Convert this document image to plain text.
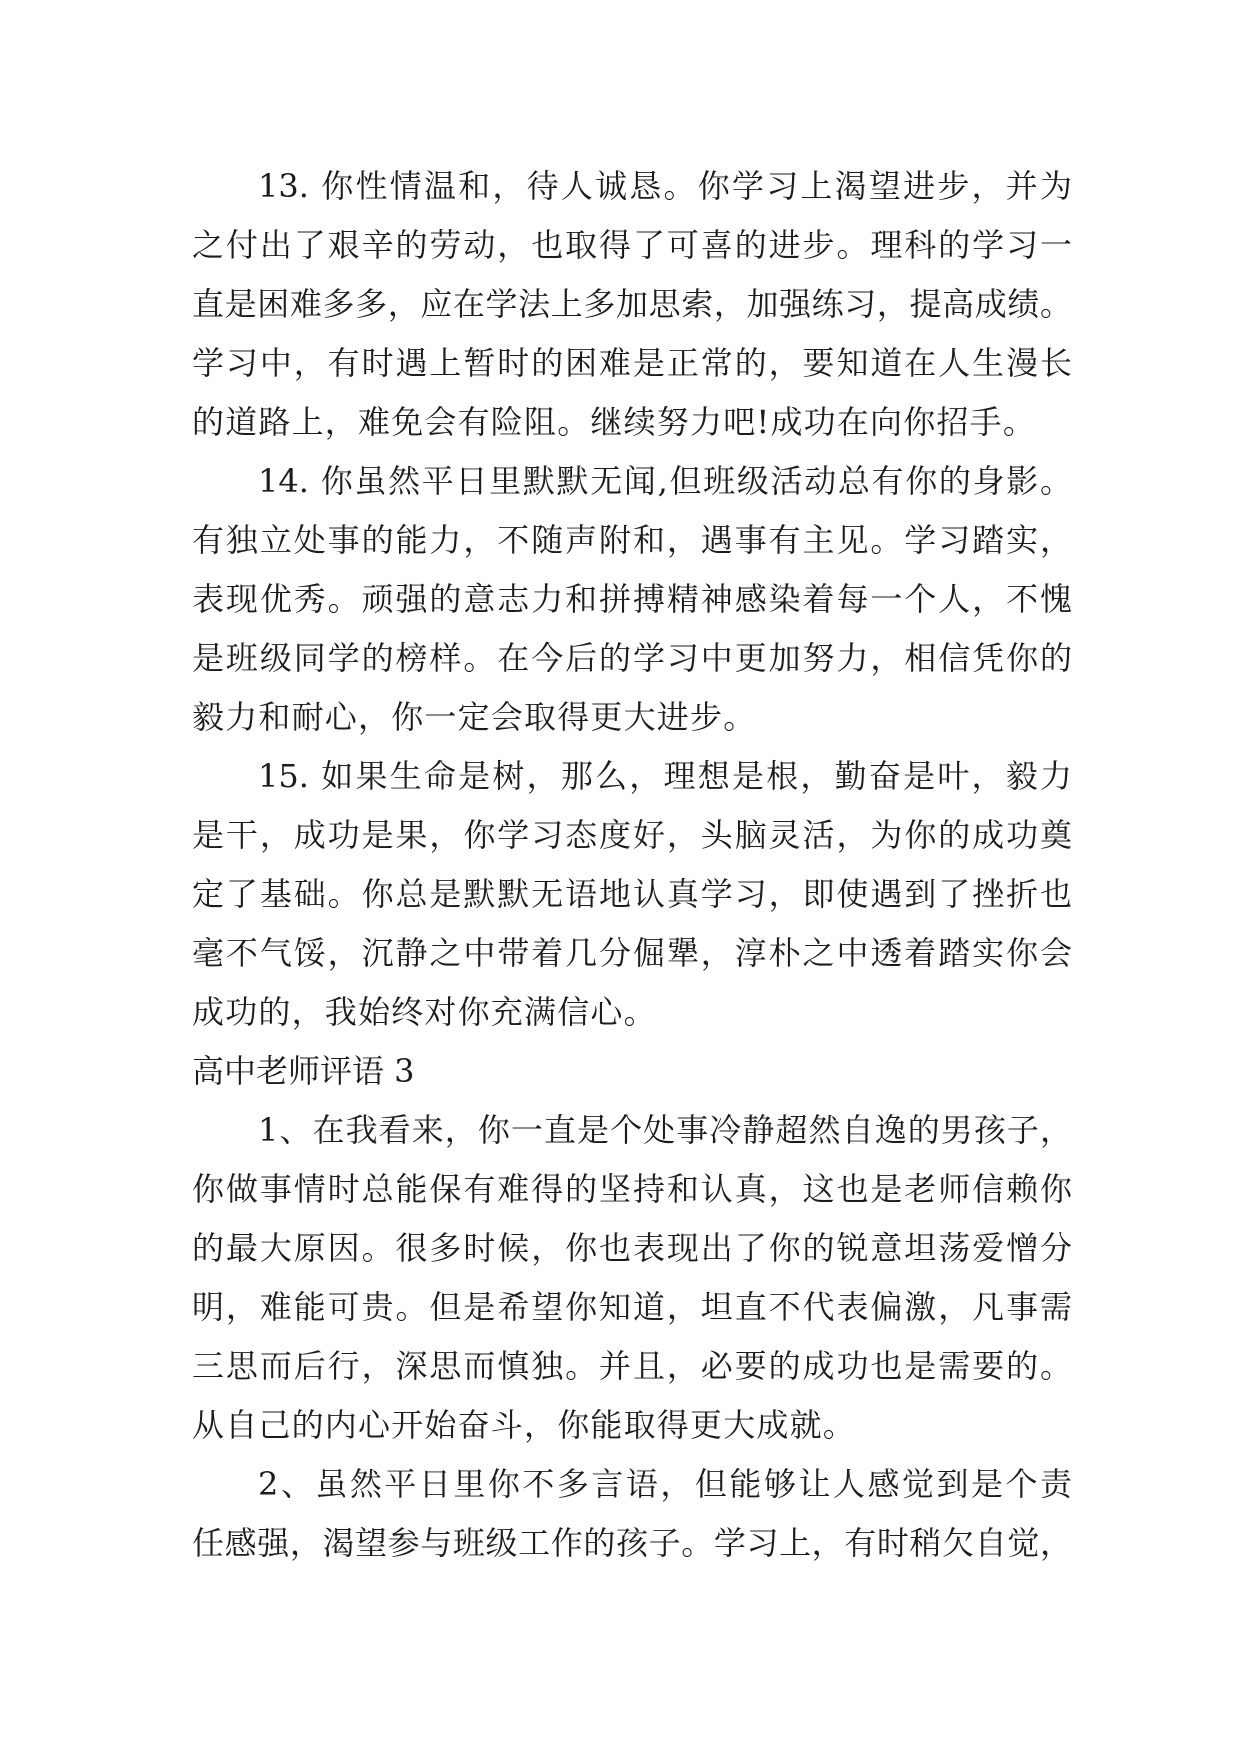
13. 你性情温和，待人诚恳。你学习上渴望进步，并为
之付出了艰辛的劳动，也取得了可喜的进步。理科的学习一
直是困难多多，应在学法上多加思索，加强练习，提高成绩。
学习中，有时遇上暂时的困难是正常的，要知道在人生漫长
的道路上，难免会有险阻。继续努力吧!成功在向你招手。
14. 你虽然平日里默默无闻,但班级活动总有你的身影。
有独立处事的能力，不随声附和，遇事有主见。学习踏实，
表现优秀。顽强的意志力和拼搏精神感染着每一个人，不愧
是班级同学的榜样。在今后的学习中更加努力，相信凭你的
毅力和耐心，你一定会取得更大进步。
15. 如果生命是树，那么，理想是根，勤奋是叶，毅力
是干，成功是果，你学习态度好，头脑灵活，为你的成功奠
定了基础。你总是默默无语地认真学习，即使遇到了挫折也
毫不气馁，沉静之中带着几分倔犟，淳朴之中透着踏实你会
成功的，我始终对你充满信心。
高中老师评语 3
1、在我看来，你一直是个处事冷静超然自逸的男孩子，
你做事情时总能保有难得的坚持和认真，这也是老师信赖你
的最大原因。很多时候，你也表现出了你的锐意坦荡爱憎分
明，难能可贵。但是希望你知道，坦直不代表偏激，凡事需
三思而后行，深思而慎独。并且，必要的成功也是需要的。
从自己的内心开始奋斗，你能取得更大成就。
2、虽然平日里你不多言语，但能够让人感觉到是个责
任感强，渴望参与班级工作的孩子。学习上，有时稍欠自觉，
